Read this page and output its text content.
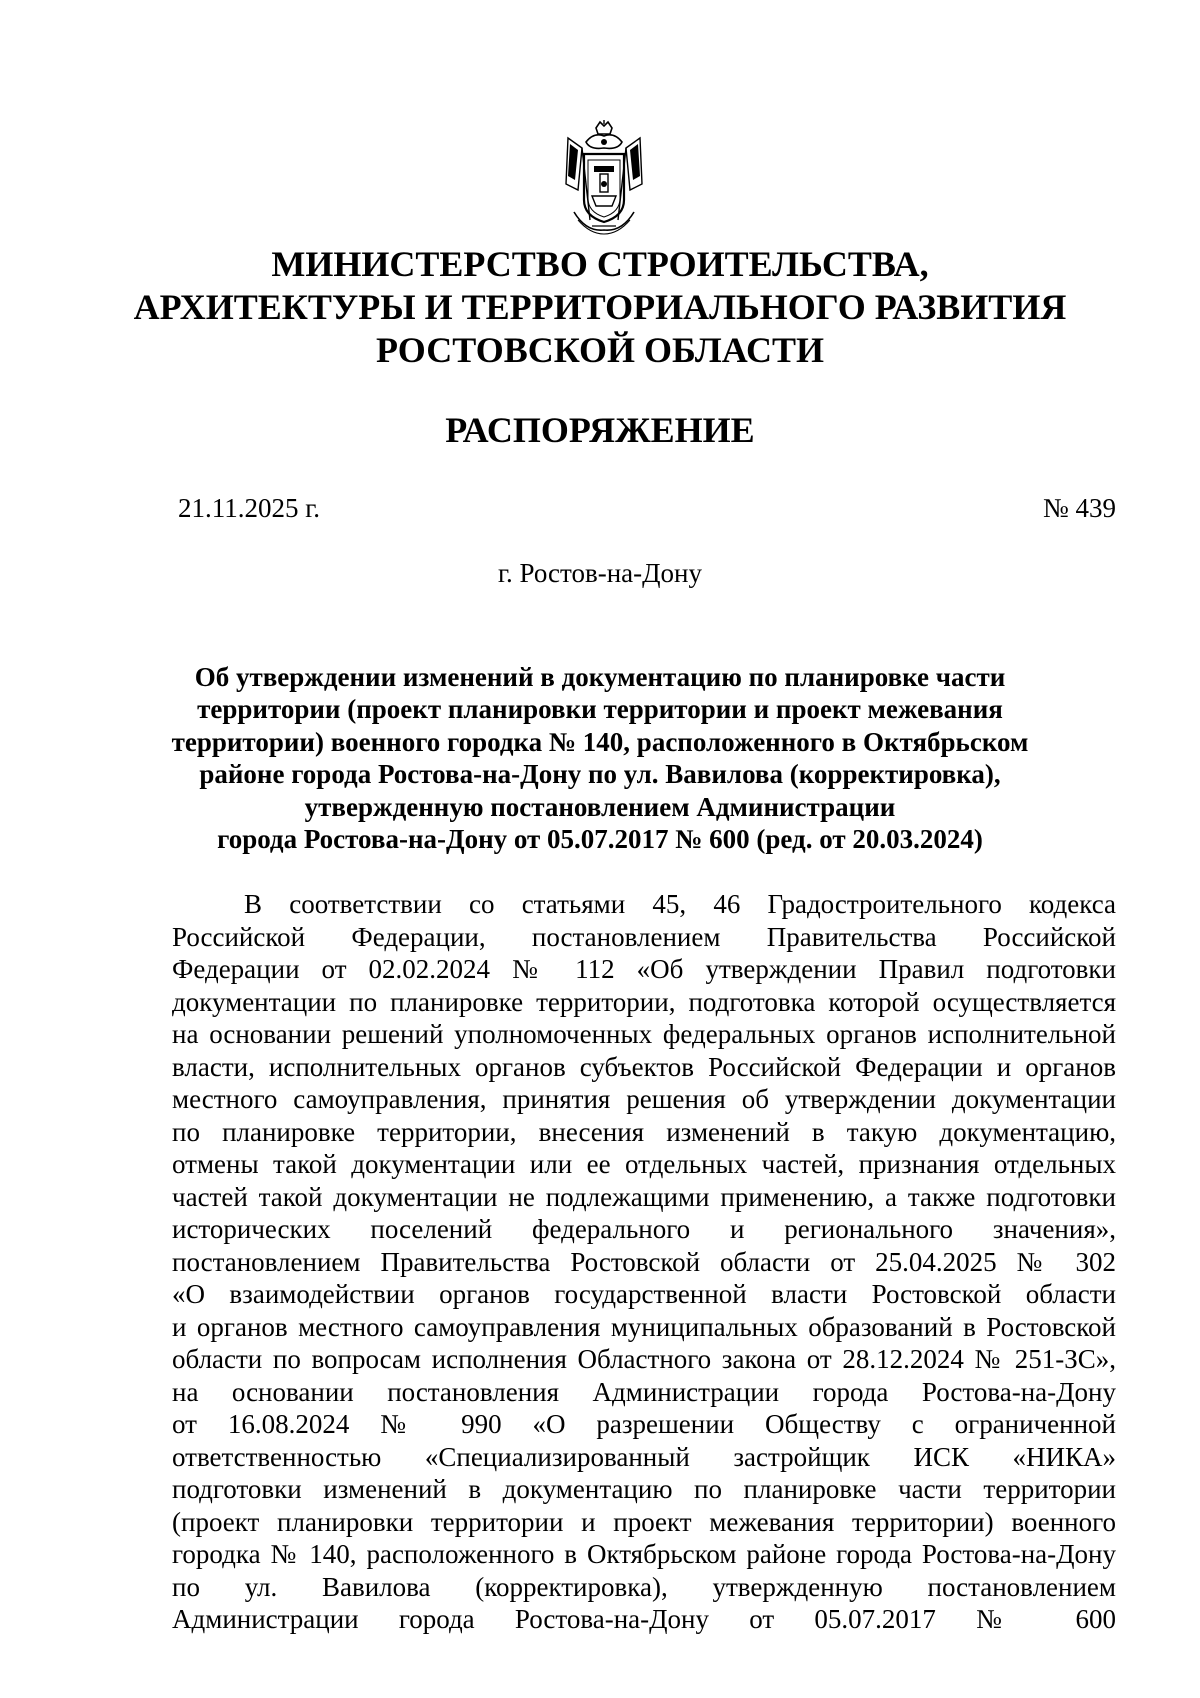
МИНИСТЕРСТВО СТРОИТЕЛЬСТВА,
АРХИТЕКТУРЫ И ТЕРРИТОРИАЛЬНОГО РАЗВИТИЯ
РОСТОВСКОЙ ОБЛАСТИ
РАСПОРЯЖЕНИЕ
21.11.2025 г.	№ 439
г. Ростов-на-Дону

Об утверждении изменений в документацию по планировке части
территории (проект планировки территории и проект межевания
территории) военного городка № 140, расположенного в Октябрьском
районе города Ростова-на-Дону по ул. Вавилова (корректировка),
утвержденную постановлением Администрации
города Ростова-на-Дону от 05.07.2017 № 600 (ред. от 20.03.2024)

В соответствии со статьями 45, 46 Градостроительного кодекса
Российской Федерации, постановлением Правительства Российской
Федерации от 02.02.2024 № 112 «Об утверждении Правил подготовки
документации по планировке территории, подготовка которой осуществляется
на основании решений уполномоченных федеральных органов исполнительной
власти, исполнительных органов субъектов Российской Федерации и органов
местного самоуправления, принятия решения об утверждении документации
по планировке территории, внесения изменений в такую документацию,
отмены такой документации или ее отдельных частей, признания отдельных
частей такой документации не подлежащими применению, а также подготовки
исторических поселений федерального и регионального значения»,
постановлением Правительства Ростовской области от 25.04.2025 № 302
«О взаимодействии органов государственной власти Ростовской области
и органов местного самоуправления муниципальных образований в Ростовской
области по вопросам исполнения Областного закона от 28.12.2024 № 251-ЗС»,
на основании постановления Администрации города Ростова-на-Дону
от 16.08.2024 № 990 «О разрешении Обществу с ограниченной
ответственностью «Специализированный застройщик ИСК «НИКА»
подготовки изменений в документацию по планировке части территории
(проект планировки территории и проект межевания территории) военного
городка № 140, расположенного в Октябрьском районе города Ростова-на-Дону
по ул. Вавилова (корректировка), утвержденную постановлением
Администрации города Ростова-на-Дону от 05.07.2017 № 600
